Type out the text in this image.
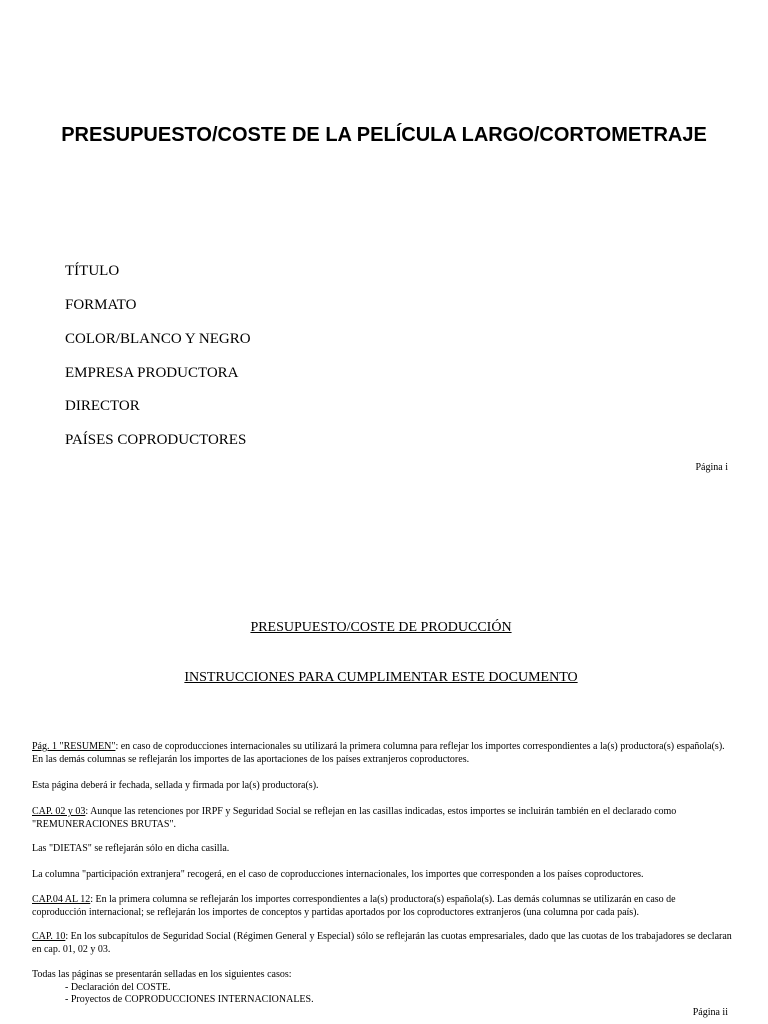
PRESUPUESTO/COSTE DE LA PELÍCULA LARGO/CORTOMETRAJE
TÍTULO
FORMATO
COLOR/BLANCO Y NEGRO
EMPRESA PRODUCTORA
DIRECTOR
PAÍSES COPRODUCTORES
Página i
PRESUPUESTO/COSTE DE PRODUCCIÓN
INSTRUCCIONES PARA CUMPLIMENTAR ESTE DOCUMENTO

Pág. 1 "RESUMEN": en caso de coproducciones internacionales su utilizará la primera columna para reflejar los importes correspondientes a la(s) productora(s) española(s). En las demás columnas se reflejarán los importes de las aportaciones de los países extranjeros coproductores.

Esta página deberá ir fechada, sellada y firmada por la(s) productora(s).

CAP. 02 y 03: Aunque las retenciones por IRPF y Seguridad Social se reflejan en las casillas indicadas, estos importes se incluirán también en el declarado como "REMUNERACIONES BRUTAS".

Las "DIETAS" se reflejarán sólo en dicha casilla.

La columna "participación extranjera" recogerá, en el caso de coproducciones internacionales, los importes que corresponden a los países coproductores.

CAP.04 AL 12: En la primera columna se reflejarán los importes correspondientes a la(s) productora(s) española(s). Las demás columnas se utilizarán en caso de coproducción internacional; se reflejarán los importes de conceptos y partidas aportados por los coproductores extranjeros (una columna por cada país).

CAP. 10: En los subcapítulos de Seguridad Social (Régimen General y Especial) sólo se reflejarán las cuotas empresariales, dado que las cuotas de los trabajadores se declaran en cap. 01, 02 y 03.

Todas las páginas se presentarán selladas en los siguientes casos:

- Declaración del COSTE.

- Proyectos de COPRODUCCIONES INTERNACIONALES.

Página ii
